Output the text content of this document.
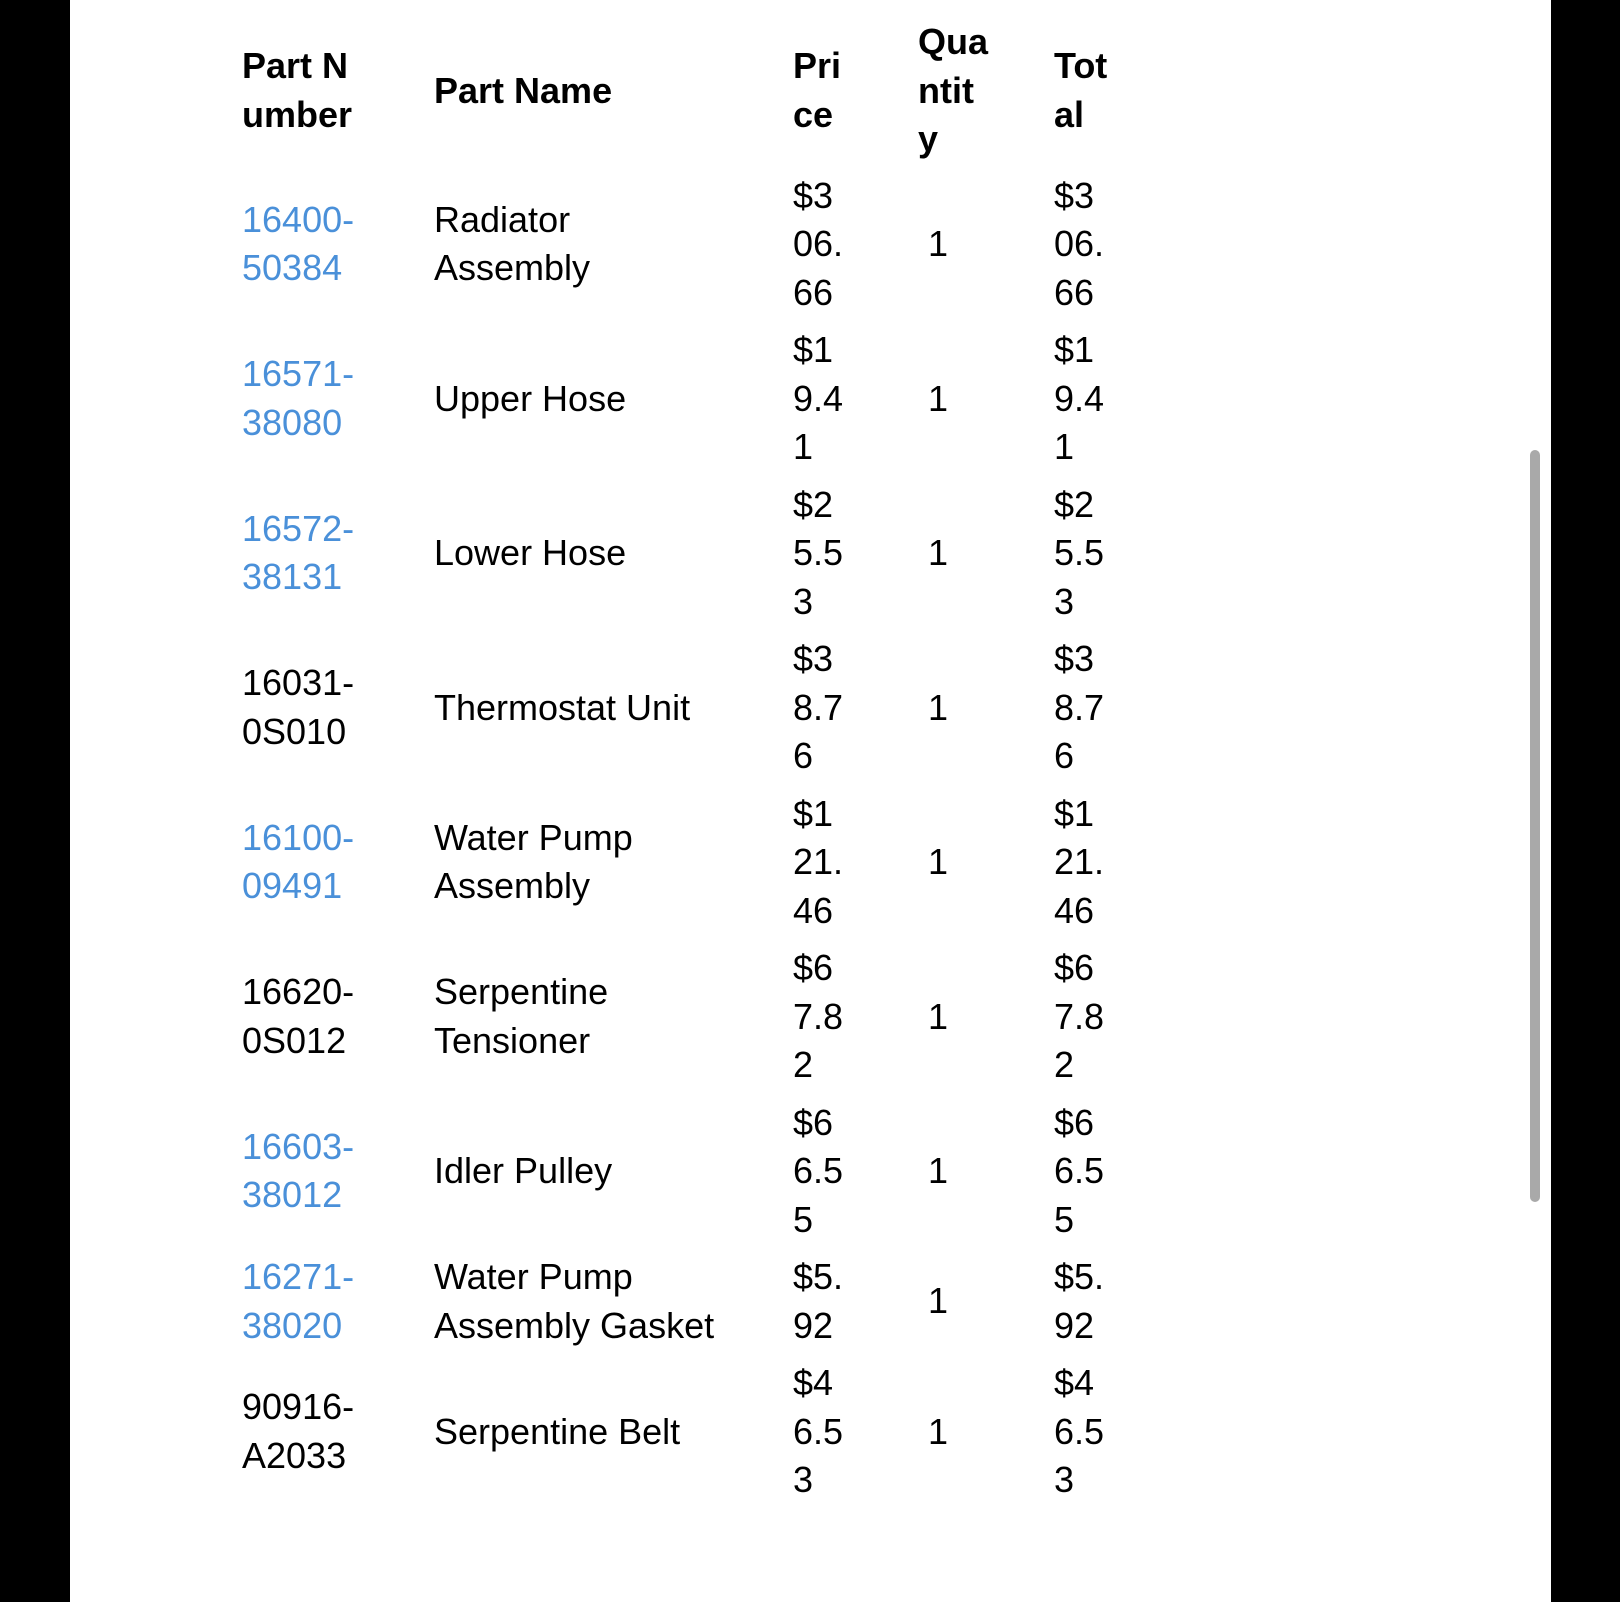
Part Number	Part Name	Price	Quantity	Total

16400-50384	Radiator Assembly	$306.66	1	$306.66

16571-38080	Upper Hose	$19.41	1	$19.41

16572-38131	Lower Hose	$25.53	1	$25.53

16031-0S010	Thermostat Unit	$38.76	1	$38.76

16100-09491	Water Pump Assembly	$121.46	1	$121.46

16620-0S012	Serpentine Tensioner	$67.82	1	$67.82

16603-38012	Idler Pulley	$66.55	1	$66.55

16271-38020	Water Pump Assembly Gasket	$5.92	1	$5.92

90916-A2033	Serpentine Belt	$46.53	1	$46.53
